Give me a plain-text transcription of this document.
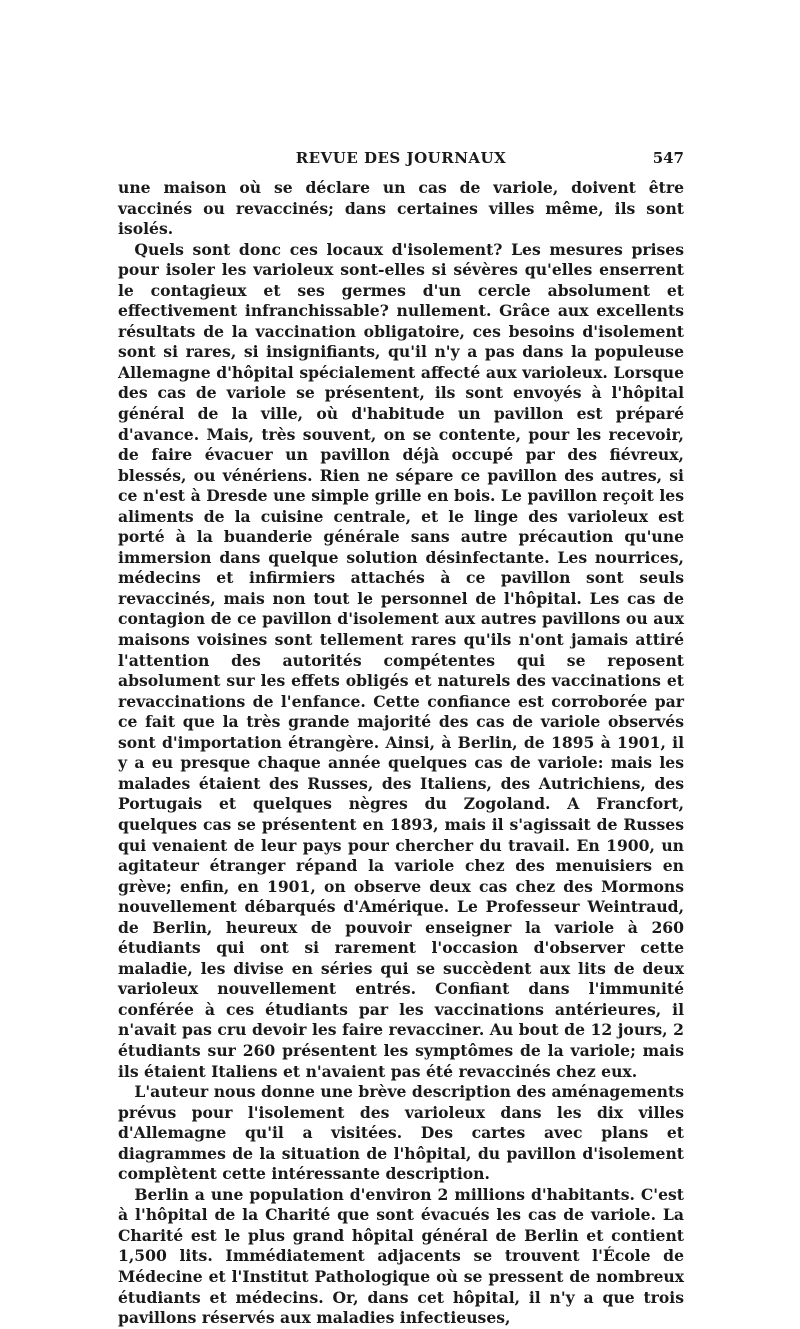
REVUE DES JOURNAUX	547

une maison où se déclare un cas de variole, doivent être vaccinés ou revaccinés; dans certaines villes même, ils sont isolés.

Quels sont donc ces locaux d'isolement? Les mesures prises pour isoler les varioleux sont-elles si sévères qu'elles enserrent le contagieux et ses germes d'un cercle absolument et effectivement infranchissable? nullement. Grâce aux excellents résultats de la vaccination obligatoire, ces besoins d'isolement sont si rares, si insignifiants, qu'il n'y a pas dans la populeuse Allemagne d'hôpital spécialement affecté aux varioleux. Lorsque des cas de variole se présentent, ils sont envoyés à l'hôpital général de la ville, où d'habitude un pavillon est préparé d'avance. Mais, très souvent, on se contente, pour les recevoir, de faire évacuer un pavillon déjà occupé par des fiévreux, blessés, ou vénériens. Rien ne sépare ce pavillon des autres, si ce n'est à Dresde une simple grille en bois. Le pavillon reçoit les aliments de la cuisine centrale, et le linge des varioleux est porté à la buanderie générale sans autre précaution qu'une immersion dans quelque solution désinfectante. Les nourrices, médecins et infirmiers attachés à ce pavillon sont seuls revaccinés, mais non tout le personnel de l'hôpital. Les cas de contagion de ce pavillon d'isolement aux autres pavillons ou aux maisons voisines sont tellement rares qu'ils n'ont jamais attiré l'attention des autorités compétentes qui se reposent absolument sur les effets obligés et naturels des vaccinations et revaccinations de l'enfance. Cette confiance est corroborée par ce fait que la très grande majorité des cas de variole observés sont d'importation étrangère. Ainsi, à Berlin, de 1895 à 1901, il y a eu presque chaque année quelques cas de variole: mais les malades étaient des Russes, des Italiens, des Autrichiens, des Portugais et quelques nègres du Zogoland. A Francfort, quelques cas se présentent en 1893, mais il s'agissait de Russes qui venaient de leur pays pour chercher du travail. En 1900, un agitateur étranger répand la variole chez des menuisiers en grève; enfin, en 1901, on observe deux cas chez des Mormons nouvellement débarqués d'Amérique. Le Professeur Weintraud, de Berlin, heureux de pouvoir enseigner la variole à 260 étudiants qui ont si rarement l'occasion d'observer cette maladie, les divise en séries qui se succèdent aux lits de deux varioleux nouvellement entrés. Confiant dans l'immunité conférée à ces étudiants par les vaccinations antérieures, il n'avait pas cru devoir les faire revacciner. Au bout de 12 jours, 2 étudiants sur 260 présentent les symptômes de la variole; mais ils étaient Italiens et n'avaient pas été revaccinés chez eux.

L'auteur nous donne une brève description des aménagements prévus pour l'isolement des varioleux dans les dix villes d'Allemagne qu'il a visitées. Des cartes avec plans et diagrammes de la situation de l'hôpital, du pavillon d'isolement complètent cette intéressante description.

Berlin a une population d'environ 2 millions d'habitants. C'est à l'hôpital de la Charité que sont évacués les cas de variole. La Charité est le plus grand hôpital général de Berlin et contient 1,500 lits. Immédiatement adjacents se trouvent l'École de Médecine et l'Institut Pathologique où se pressent de nombreux étudiants et médecins. Or, dans cet hôpital, il n'y a que trois pavillons réservés aux maladies infectieuses,
